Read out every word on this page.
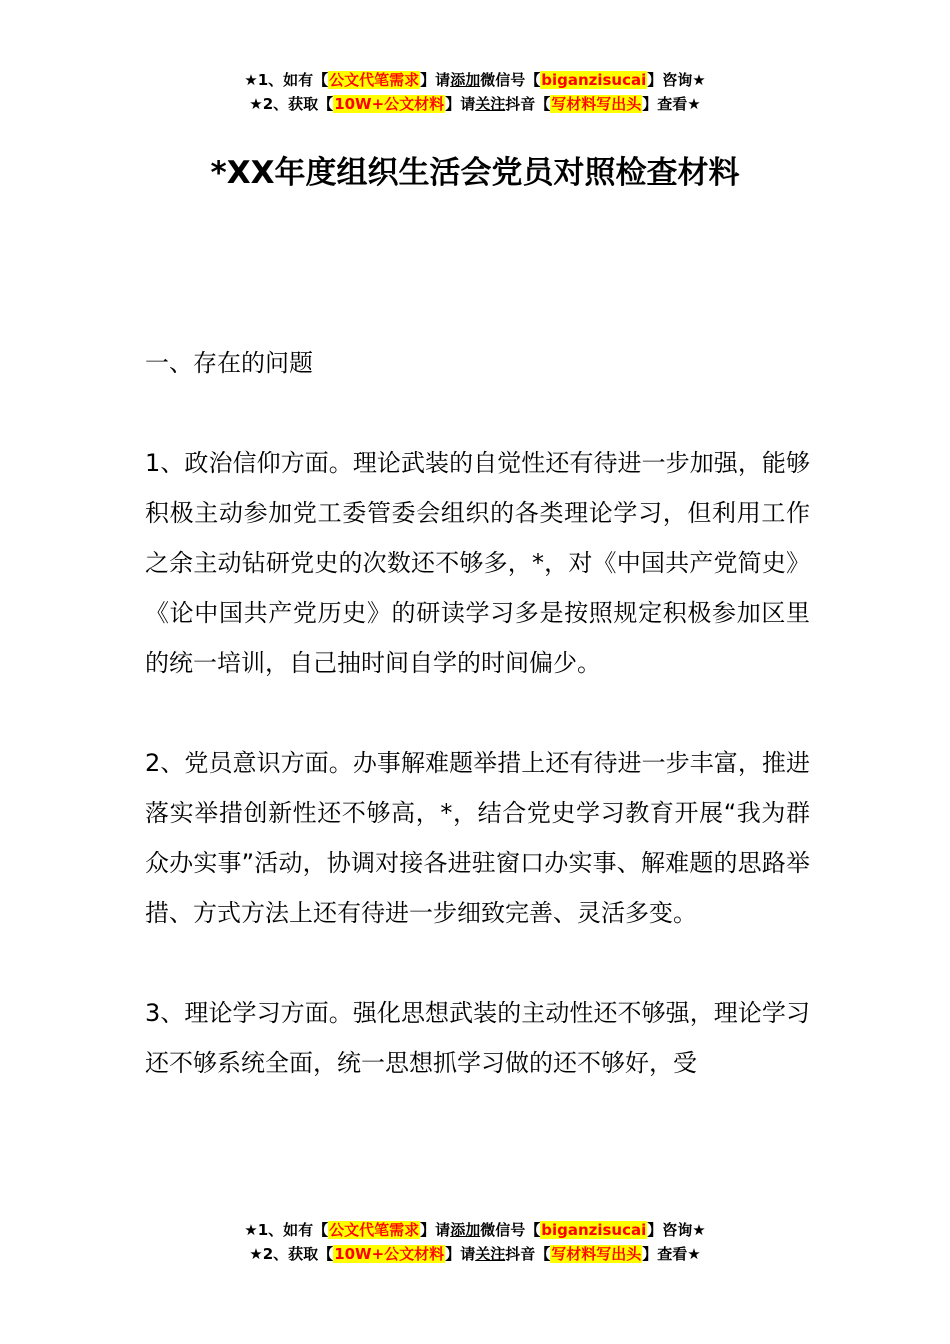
★1、如有【公文代笔需求】请添加微信号【biganzisucai】咨询★
★2、获取【10W+公文材料】请关注抖音【写材料写出头】查看★
*XX年度组织生活会党员对照检查材料

一、存在的问题

1、政治信仰方面。理论武装的自觉性还有待进一步加强，能够积极主动参加党工委管委会组织的各类理论学习，但利用工作之余主动钻研党史的次数还不够多，*，对《中国共产党简史》《论中国共产党历史》的研读学习多是按照规定积极参加区里的统一培训，自己抽时间自学的时间偏少。

2、党员意识方面。办事解难题举措上还有待进一步丰富，推进落实举措创新性还不够高，*，结合党史学习教育开展“我为群众办实事”活动，协调对接各进驻窗口办实事、解难题的思路举措、方式方法上还有待进一步细致完善、灵活多变。

3、理论学习方面。强化思想武装的主动性还不够强，理论学习还不够系统全面，统一思想抓学习做的还不够好，受

★1、如有【公文代笔需求】请添加微信号【biganzisucai】咨询★
★2、获取【10W+公文材料】请关注抖音【写材料写出头】查看★
